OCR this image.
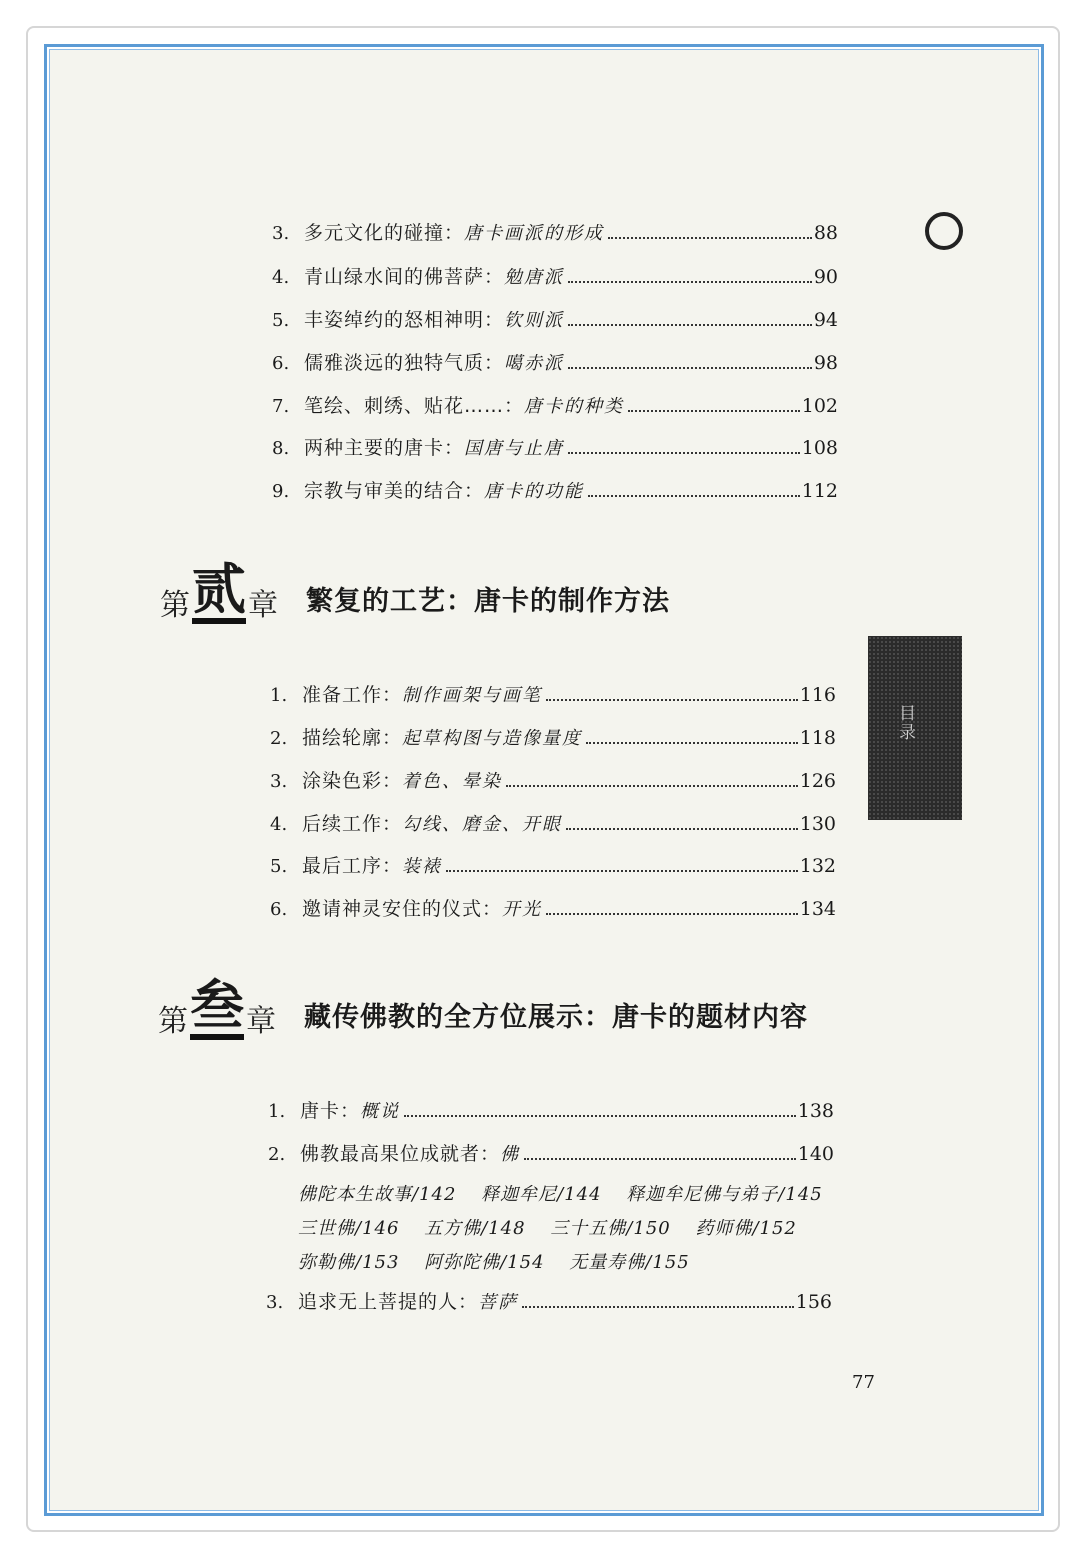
3. 多元文化的碰撞： 唐卡画派的形成	88
4. 青山绿水间的佛菩萨： 勉唐派	90
5. 丰姿绰约的怒相神明： 钦则派	94
6. 儒雅淡远的独特气质： 噶赤派	98
7. 笔绘、刺绣、贴花……： 唐卡的种类	102
8. 两种主要的唐卡： 国唐与止唐	108
9. 宗教与审美的结合： 唐卡的功能	112
第 贰 章 繁复的工艺：唐卡的制作方法
目录
1. 准备工作： 制作画架与画笔	116
2. 描绘轮廓： 起草构图与造像量度	118
3. 涂染色彩： 着色、晕染	126
4. 后续工作： 勾线、磨金、开眼	130
5. 最后工序： 装裱	132
6. 邀请神灵安住的仪式： 开光	134
第 叁 章 藏传佛教的全方位展示：唐卡的题材内容
1. 唐卡： 概说	138
2. 佛教最高果位成就者： 佛	140
佛陀本生故事/142 释迦牟尼/144 释迦牟尼佛与弟子/145
三世佛/146 五方佛/148 三十五佛/150 药师佛/152
弥勒佛/153 阿弥陀佛/154 无量寿佛/155
3. 追求无上菩提的人： 菩萨	156
77
